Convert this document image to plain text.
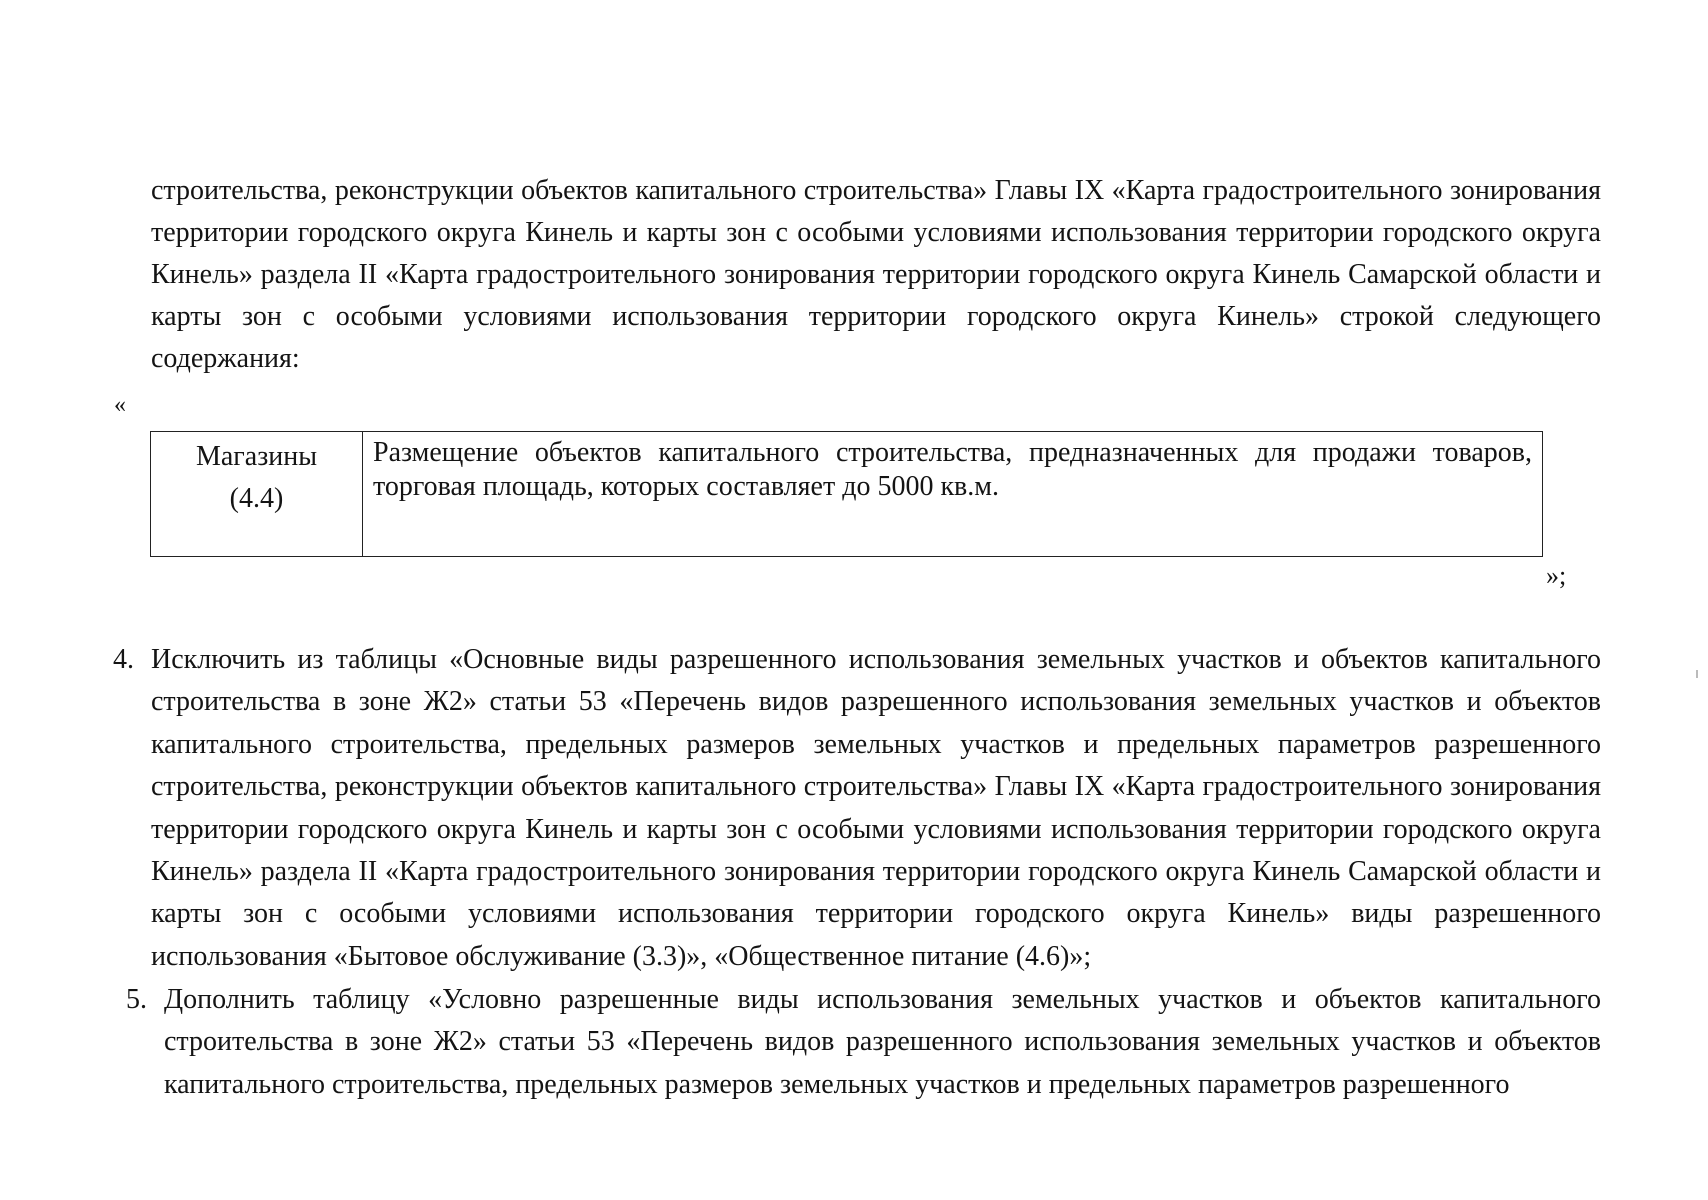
строительства, реконструкции объектов капитального строительства» Главы IX «Карта градостроительного зонирования территории городского округа Кинель и карты зон с особыми условиями использования территории городского округа Кинель» раздела II «Карта градостроительного зонирования территории городского округа Кинель Самарской области и карты зон с особыми условиями использования территории городского округа Кинель» строкой следующего содержания:

«
Магазины
(4.4)
	Размещение объектов капитального строительства, предназначенных для продажи товаров, торговая площадь, которых составляет до 5000 кв.м.
»;
4. Исключить из таблицы «Основные виды разрешенного использования земельных участков и объектов капитального строительства в зоне Ж2» статьи 53 «Перечень видов разрешенного использования земельных участков и объектов капитального строительства, предельных размеров земельных участков и предельных параметров разрешенного строительства, реконструкции объектов капитального строительства» Главы IX «Карта градостроительного зонирования территории городского округа Кинель и карты зон с особыми условиями использования территории городского округа Кинель» раздела II «Карта градостроительного зонирования территории городского округа Кинель Самарской области и карты зон с особыми условиями использования территории городского округа Кинель» виды разрешенного использования «Бытовое обслуживание (3.3)», «Общественное питание (4.6)»;
5. Дополнить таблицу «Условно разрешенные виды использования земельных участков и объектов капитального строительства в зоне Ж2» статьи 53 «Перечень видов разрешенного использования земельных участков и объектов капитального строительства, предельных размеров земельных участков и предельных параметров разрешенного
